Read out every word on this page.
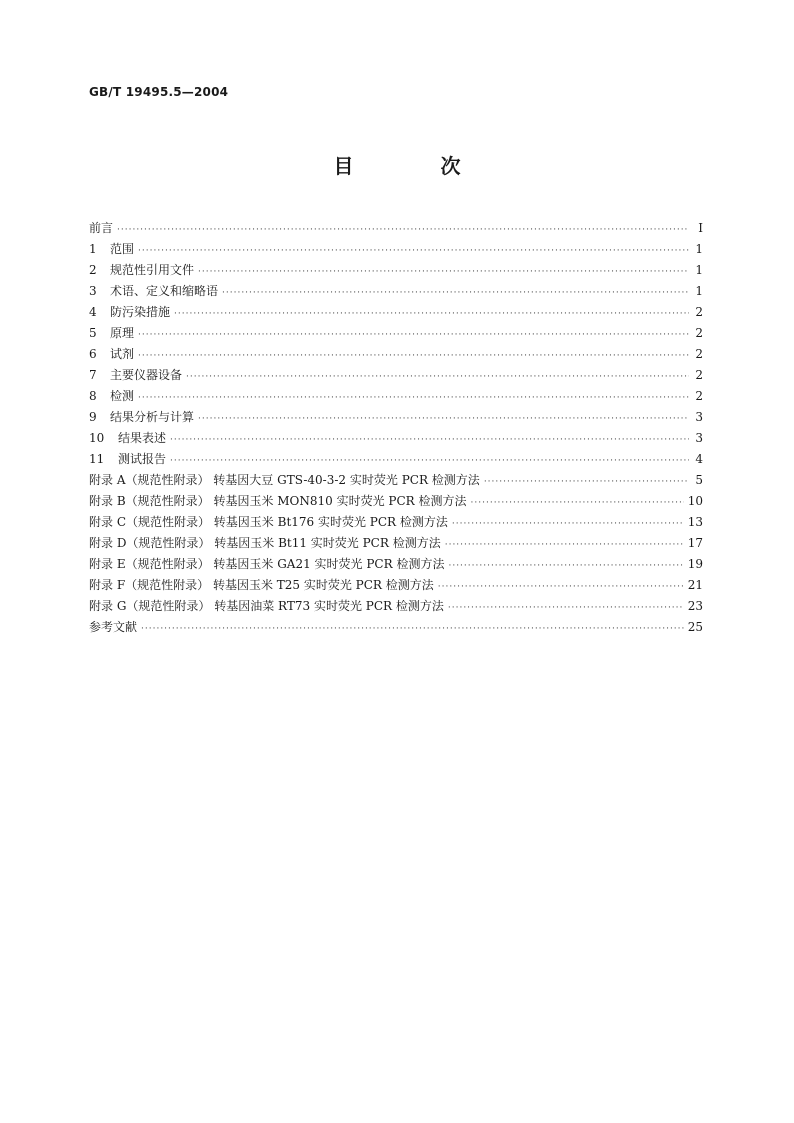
GB/T 19495.5—2004
目 次
前言 ·····	I
1 范围 ·····	1
2 规范性引用文件 ·····	1
3 术语、定义和缩略语 ·····	1
4 防污染措施 ·····	2
5 原理 ·····	2
6 试剂 ·····	2
7 主要仪器设备 ·····	2
8 检测 ·····	2
9 结果分析与计算 ·····	3
10 结果表述 ·····	3
11 测试报告 ·····	4
附录 A（规范性附录） 转基因大豆 GTS-40-3-2 实时荧光 PCR 检测方法 ·····	5
附录 B（规范性附录） 转基因玉米 MON810 实时荧光 PCR 检测方法 ·····	10
附录 C（规范性附录） 转基因玉米 Bt176 实时荧光 PCR 检测方法 ·····	13
附录 D（规范性附录） 转基因玉米 Bt11 实时荧光 PCR 检测方法 ·····	17
附录 E（规范性附录） 转基因玉米 GA21 实时荧光 PCR 检测方法 ·····	19
附录 F（规范性附录） 转基因玉米 T25 实时荧光 PCR 检测方法 ·····	21
附录 G（规范性附录） 转基因油菜 RT73 实时荧光 PCR 检测方法 ·····	23
参考文献 ·····	25
